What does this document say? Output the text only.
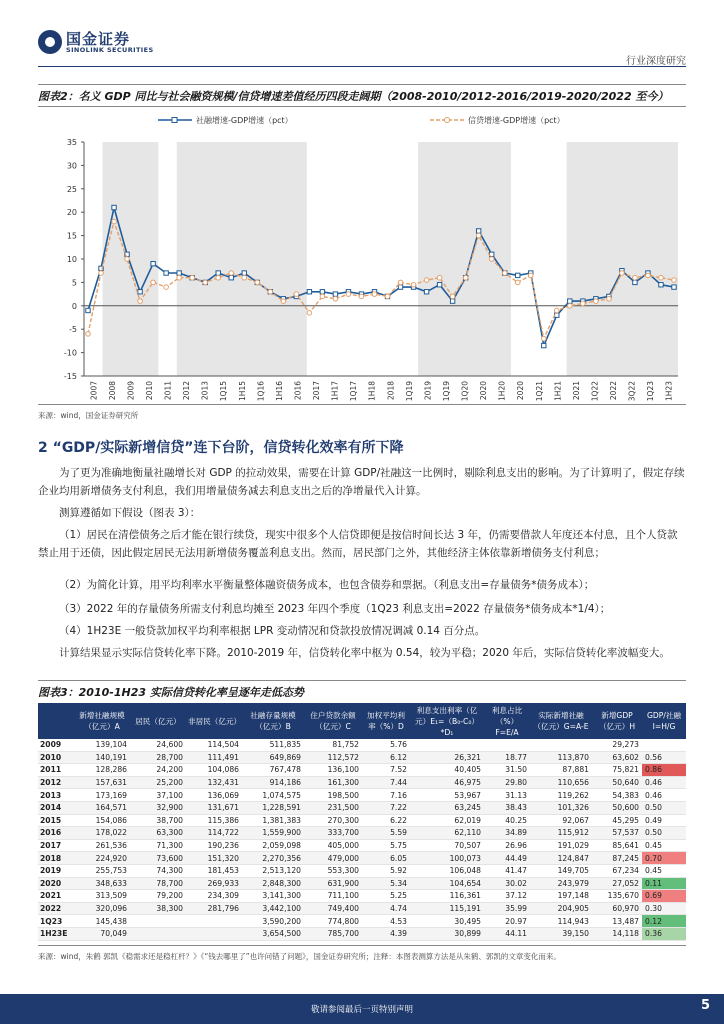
国金证券
SINOLINK SECURITIES
行业深度研究
图表2：名义 GDP 同比与社会融资规模/信贷增速差值经历四段走阔期（2008-2010/2012-2016/2019-2020/2022 至今）
-15
-10
-5
0
5
10
15
20
25
30
35
2007 2008 2009 2010 2011 2012 2013 1Q15 1H15 1Q16 1H16 2016 2017 1H17 1Q17 1H18 2018 1Q19 2019 1Q19 1Q20 2020 1H20 2020 1Q21 1H21 2021 1Q22 2022 3Q22 1Q23 1H23
社融增速-GDP增速（pct）	信贷增速-GDP增速（pct）
来源：wind，国金证券研究所
2 “GDP/实际新增信贷”连下台阶，信贷转化效率有所下降
为了更为准确地衡量社融增长对 GDP 的拉动效果，需要在计算 GDP/社融这一比例时，剔除利息支出的影响。为了计算明了，假定存续企业均用新增债务支付利息，我们用增量债务减去利息支出之后的净增量代入计算。
测算遵循如下假设（图表 3）：
（1）居民在清偿债务之后才能在银行续贷，现实中很多个人信贷即便是按信时间长达 3 年，仍需要借款人年度还本付息，且个人贷款禁止用于还债，因此假定居民无法用新增债务覆盖利息支出。然而，居民部门之外，其他经济主体依靠新增债务支付利息；
（2）为简化计算，用平均利率水平衡量整体融资债务成本，也包含债券和票据。（利息支出=存量债务*债务成本）；
（3）2022 年的存量债务所需支付利息均摊至 2023 年四个季度（1Q23 利息支出=2022 存量债务*债务成本*1/4）；
（4）1H23E 一般贷款加权平均利率根据 LPR 变动情况和贷款投放情况调减 0.14 百分点。
计算结果显示实际信贷转化率下降。2010-2019 年，信贷转化率中枢为 0.54，较为平稳；2020 年后，实际信贷转化率波幅变大。
图表3：2010-1H23 实际信贷转化率呈逐年走低态势
	新增社融规模（亿元）A	居民（亿元）	非居民（亿元）	社融存量规模（亿元）B	住户贷款余额（亿元）C	加权平均利率（%）D	利息支出利率（亿元）E₁=（B₀-C₀）*D₁	利息占比（%）F=E/A	实际新增社融（亿元）G=A-E	新增GDP（亿元）H	GDP/社融 I=H/G
2009	139,104	24,600	114,504	511,835	81,752	5.76				29,273	
2010	140,191	28,700	111,491	649,869	112,572	6.12	26,321	18.77	113,870	63,602	0.56
2011	128,286	24,200	104,086	767,478	136,100	7.52	40,405	31.50	87,881	75,821	0.86
2012	157,631	25,200	132,431	914,186	161,300	7.44	46,975	29.80	110,656	50,640	0.46
2013	173,169	37,100	136,069	1,074,575	198,500	7.16	53,967	31.13	119,262	54,383	0.46
2014	164,571	32,900	131,671	1,228,591	231,500	7.22	63,245	38.43	101,326	50,600	0.50
2015	154,086	38,700	115,386	1,381,383	270,300	6.22	62,019	40.25	92,067	45,295	0.49
2016	178,022	63,300	114,722	1,559,900	333,700	5.59	62,110	34.89	115,912	57,537	0.50
2017	261,536	71,300	190,236	2,059,098	405,000	5.75	70,507	26.96	191,029	85,641	0.45
2018	224,920	73,600	151,320	2,270,356	479,000	6.05	100,073	44.49	124,847	87,245	0.70
2019	255,753	74,300	181,453	2,513,120	553,300	5.92	106,048	41.47	149,705	67,234	0.45
2020	348,633	78,700	269,933	2,848,300	631,900	5.34	104,654	30.02	243,979	27,052	0.11
2021	313,509	79,200	234,309	3,141,300	711,100	5.25	116,361	37.12	197,148	135,670	0.69
2022	320,096	38,300	281,796	3,442,100	749,400	4.74	115,191	35.99	204,905	60,970	0.30
1Q23	145,438			3,590,200	774,800	4.53	30,495	20.97	114,943	13,487	0.12
1H23E	70,049			3,654,500	785,700	4.39	30,899	44.11	39,150	14,118	0.36
来源：wind，朱鹤 郭凯《稳需求还是稳杠杆？》《“钱去哪里了”也许问错了问题》，国金证券研究所；注释：本图表测算方法是从朱鹤、郭凯的文章变化而来。
敬请参阅最后一页特别声明	5
